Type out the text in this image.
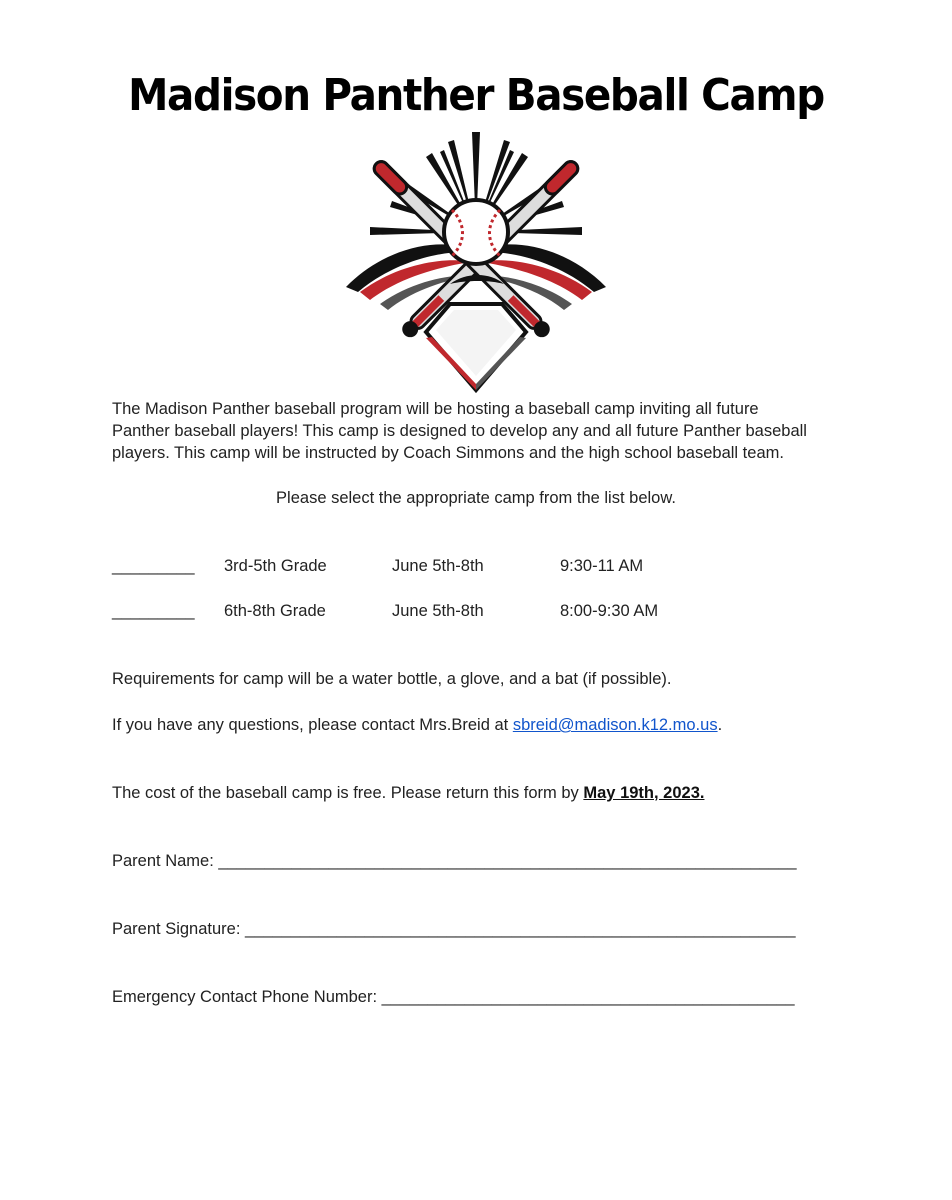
Madison Panther Baseball Camp
The Madison Panther baseball program will be hosting a baseball camp inviting all future
Panther baseball players! This camp is designed to develop any and all future Panther baseball
players. This camp will be instructed by Coach Simmons and the high school baseball team.
Please select the appropriate camp from the list below.
_________ 3rd-5th Grade	June 5th-8th	9:30-11 AM
_________ 6th-8th Grade	June 5th-8th	8:00-9:30 AM
Requirements for camp will be a water bottle, a glove, and a bat (if possible).
If you have any questions, please contact Mrs.Breid at sbreid@madison.k12.mo.us.
The cost of the baseball camp is free. Please return this form by May 19th, 2023.
Parent Name: _______________________________________________________________
Parent Signature: ____________________________________________________________
Emergency Contact Phone Number: _____________________________________________
